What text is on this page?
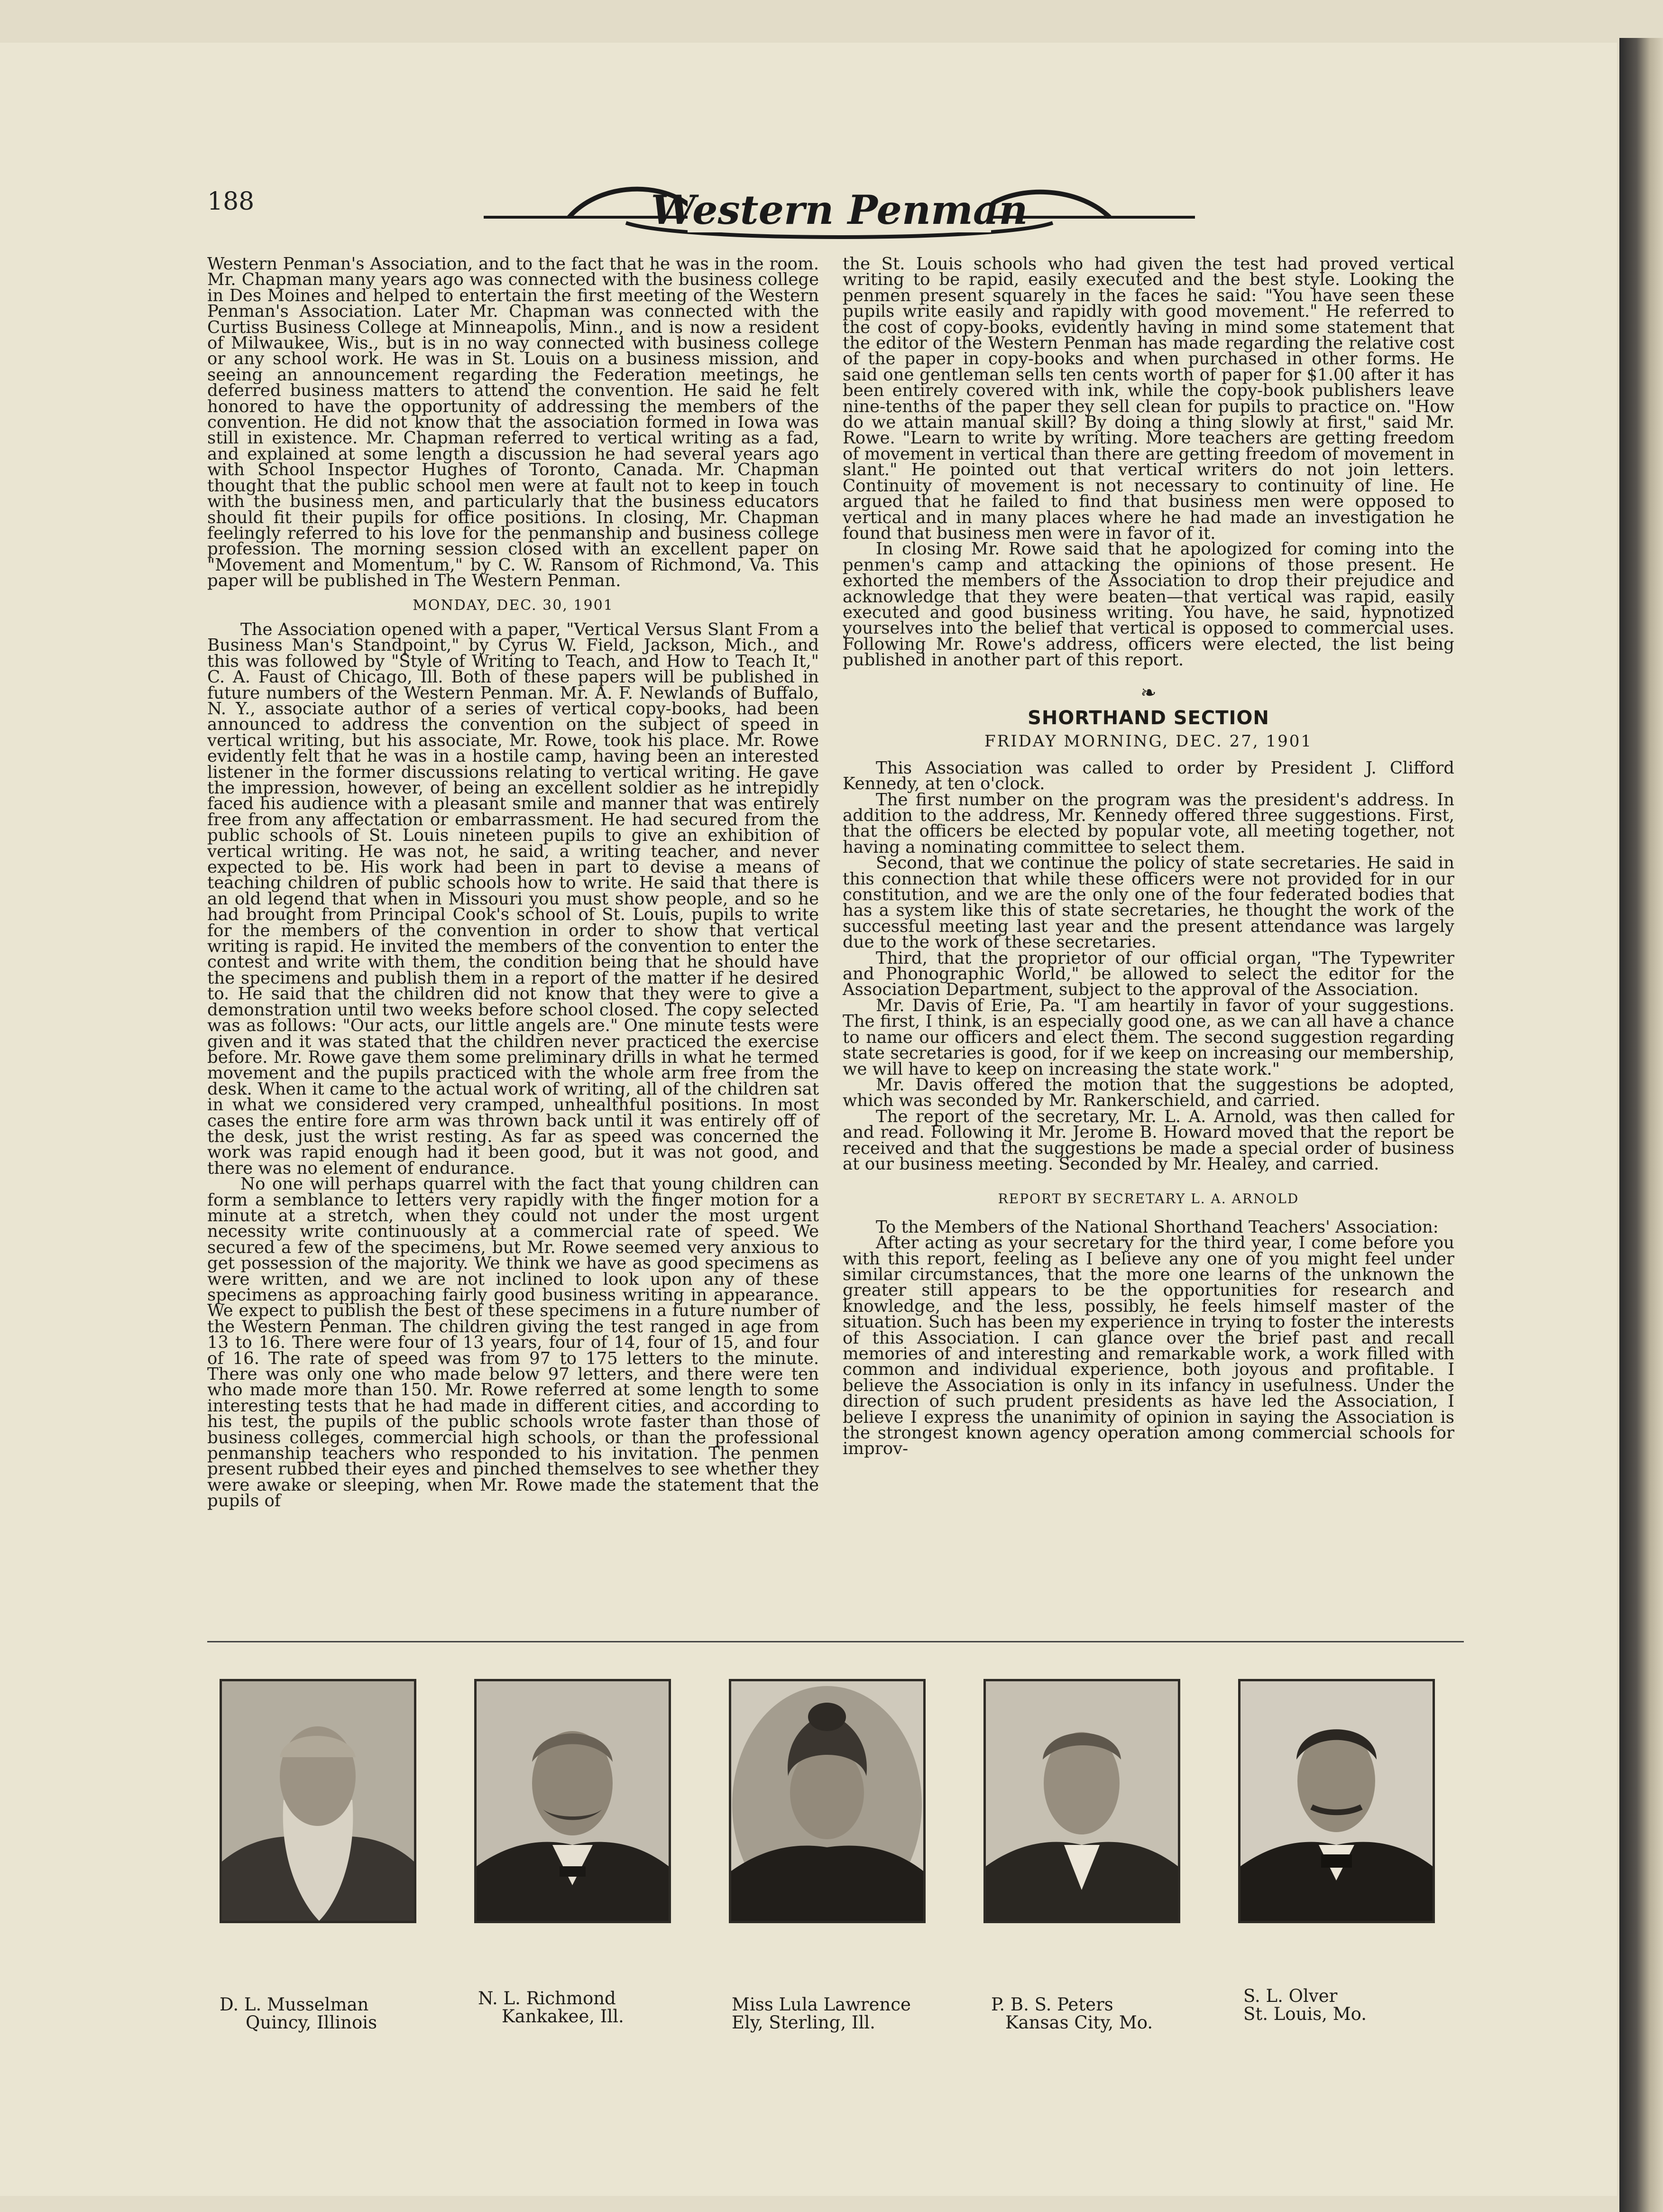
188	Western Penman

Western Penman's Association, and to the fact that he was in the room. Mr. Chapman many years ago was connected with the business college in Des Moines and helped to entertain the first meeting of the Western Penman's Association. Later Mr. Chapman was connected with the Curtiss Business College at Minneapolis, Minn., and is now a resident of Milwaukee, Wis., but is in no way connected with business college or any school work. He was in St. Louis on a business mission, and seeing an announcement regarding the Federation meetings, he deferred business matters to attend the convention. He said he felt honored to have the opportunity of addressing the members of the convention. He did not know that the association formed in Iowa was still in existence. Mr. Chapman referred to vertical writing as a fad, and explained at some length a discussion he had several years ago with School Inspector Hughes of Toronto, Canada. Mr. Chapman thought that the public school men were at fault not to keep in touch with the business men, and particularly that the business educators should fit their pupils for office positions. In closing, Mr. Chapman feelingly referred to his love for the penmanship and business college profession. The morning session closed with an excellent paper on "Movement and Momentum," by C. W. Ransom of Richmond, Va. This paper will be published in The Western Penman.

MONDAY, DEC. 30, 1901

The Association opened with a paper, "Vertical Versus Slant From a Business Man's Standpoint," by Cyrus W. Field, Jackson, Mich., and this was followed by "Style of Writing to Teach, and How to Teach It," C. A. Faust of Chicago, Ill. Both of these papers will be published in future numbers of the Western Penman. Mr. A. F. Newlands of Buffalo, N. Y., associate author of a series of vertical copy-books, had been announced to address the convention on the subject of speed in vertical writing, but his associate, Mr. Rowe, took his place. Mr. Rowe evidently felt that he was in a hostile camp, having been an interested listener in the former discussions relating to vertical writing. He gave the impression, however, of being an excellent soldier as he intrepidly faced his audience with a pleasant smile and manner that was entirely free from any affectation or embarrassment. He had secured from the public schools of St. Louis nineteen pupils to give an exhibition of vertical writing. He was not, he said, a writing teacher, and never expected to be. His work had been in part to devise a means of teaching children of public schools how to write. He said that there is an old legend that when in Missouri you must show people, and so he had brought from Principal Cook's school of St. Louis, pupils to write for the members of the convention in order to show that vertical writing is rapid. He invited the members of the convention to enter the contest and write with them, the condition being that he should have the specimens and publish them in a report of the matter if he desired to. He said that the children did not know that they were to give a demonstration until two weeks before school closed. The copy selected was as follows: "Our acts, our little angels are." One minute tests were given and it was stated that the children never practiced the exercise before. Mr. Rowe gave them some preliminary drills in what he termed movement and the pupils practiced with the whole arm free from the desk. When it came to the actual work of writing, all of the children sat in what we considered very cramped, unhealthful positions. In most cases the entire fore arm was thrown back until it was entirely off of the desk, just the wrist resting. As far as speed was concerned the work was rapid enough had it been good, but it was not good, and there was no element of endurance.

No one will perhaps quarrel with the fact that young children can form a semblance to letters very rapidly with the finger motion for a minute at a stretch, when they could not under the most urgent necessity write continuously at a commercial rate of speed. We secured a few of the specimens, but Mr. Rowe seemed very anxious to get possession of the majority. We think we have as good specimens as were written, and we are not inclined to look upon any of these specimens as approaching fairly good business writing in appearance. We expect to publish the best of these specimens in a future number of the Western Penman. The children giving the test ranged in age from 13 to 16. There were four of 13 years, four of 14, four of 15, and four of 16. The rate of speed was from 97 to 175 letters to the minute. There was only one who made below 97 letters, and there were ten who made more than 150. Mr. Rowe referred at some length to some interesting tests that he had made in different cities, and according to his test, the pupils of the public schools wrote faster than those of business colleges, commercial high schools, or than the professional penmanship teachers who responded to his invitation. The penmen present rubbed their eyes and pinched themselves to see whether they were awake or sleeping, when Mr. Rowe made the statement that the pupils of

the St. Louis schools who had given the test had proved vertical writing to be rapid, easily executed and the best style. Looking the penmen present squarely in the faces he said: "You have seen these pupils write easily and rapidly with good movement." He referred to the cost of copy-books, evidently having in mind some statement that the editor of the Western Penman has made regarding the relative cost of the paper in copy-books and when purchased in other forms. He said one gentleman sells ten cents worth of paper for $1.00 after it has been entirely covered with ink, while the copy-book publishers leave nine-tenths of the paper they sell clean for pupils to practice on. "How do we attain manual skill? By doing a thing slowly at first," said Mr. Rowe. "Learn to write by writing. More teachers are getting freedom of movement in vertical than there are getting freedom of movement in slant." He pointed out that vertical writers do not join letters. Continuity of movement is not necessary to continuity of line. He argued that he failed to find that business men were opposed to vertical and in many places where he had made an investigation he found that business men were in favor of it.

In closing Mr. Rowe said that he apologized for coming into the penmen's camp and attacking the opinions of those present. He exhorted the members of the Association to drop their prejudice and acknowledge that they were beaten—that vertical was rapid, easily executed and good business writing. You have, he said, hypnotized yourselves into the belief that vertical is opposed to commercial uses. Following Mr. Rowe's address, officers were elected, the list being published in another part of this report.

❧
SHORTHAND SECTION
FRIDAY MORNING, DEC. 27, 1901

This Association was called to order by President J. Clifford Kennedy, at ten o'clock.

The first number on the program was the president's address. In addition to the address, Mr. Kennedy offered three suggestions. First, that the officers be elected by popular vote, all meeting together, not having a nominating committee to select them.

Second, that we continue the policy of state secretaries. He said in this connection that while these officers were not provided for in our constitution, and we are the only one of the four federated bodies that has a system like this of state secretaries, he thought the work of the successful meeting last year and the present attendance was largely due to the work of these secretaries.

Third, that the proprietor of our official organ, "The Typewriter and Phonographic World," be allowed to select the editor for the Association Department, subject to the approval of the Association.

Mr. Davis of Erie, Pa. "I am heartily in favor of your suggestions. The first, I think, is an especially good one, as we can all have a chance to name our officers and elect them. The second suggestion regarding state secretaries is good, for if we keep on increasing our membership, we will have to keep on increasing the state work."

Mr. Davis offered the motion that the suggestions be adopted, which was seconded by Mr. Rankerschield, and carried.

The report of the secretary, Mr. L. A. Arnold, was then called for and read. Following it Mr. Jerome B. Howard moved that the report be received and that the suggestions be made a special order of business at our business meeting. Seconded by Mr. Healey, and carried.

REPORT BY SECRETARY L. A. ARNOLD

To the Members of the National Shorthand Teachers' Association:

After acting as your secretary for the third year, I come before you with this report, feeling as I believe any one of you might feel under similar circumstances, that the more one learns of the unknown the greater still appears to be the opportunities for research and knowledge, and the less, possibly, he feels himself master of the situation. Such has been my experience in trying to foster the interests of this Association. I can glance over the brief past and recall memories of and interesting and remarkable work, a work filled with common and individual experience, both joyous and profitable. I believe the Association is only in its infancy in usefulness. Under the direction of such prudent presidents as have led the Association, I believe I express the unanimity of opinion in saying the Association is the strongest known agency operation among commercial schools for improv-

D. L. Musselman
Quincy, Illinois
N. L. Richmond
Kankakee, Ill.
Miss Lula Lawrence
Ely, Sterling, Ill.
P. B. S. Peters
Kansas City, Mo.
S. L. Olver
St. Louis, Mo.
